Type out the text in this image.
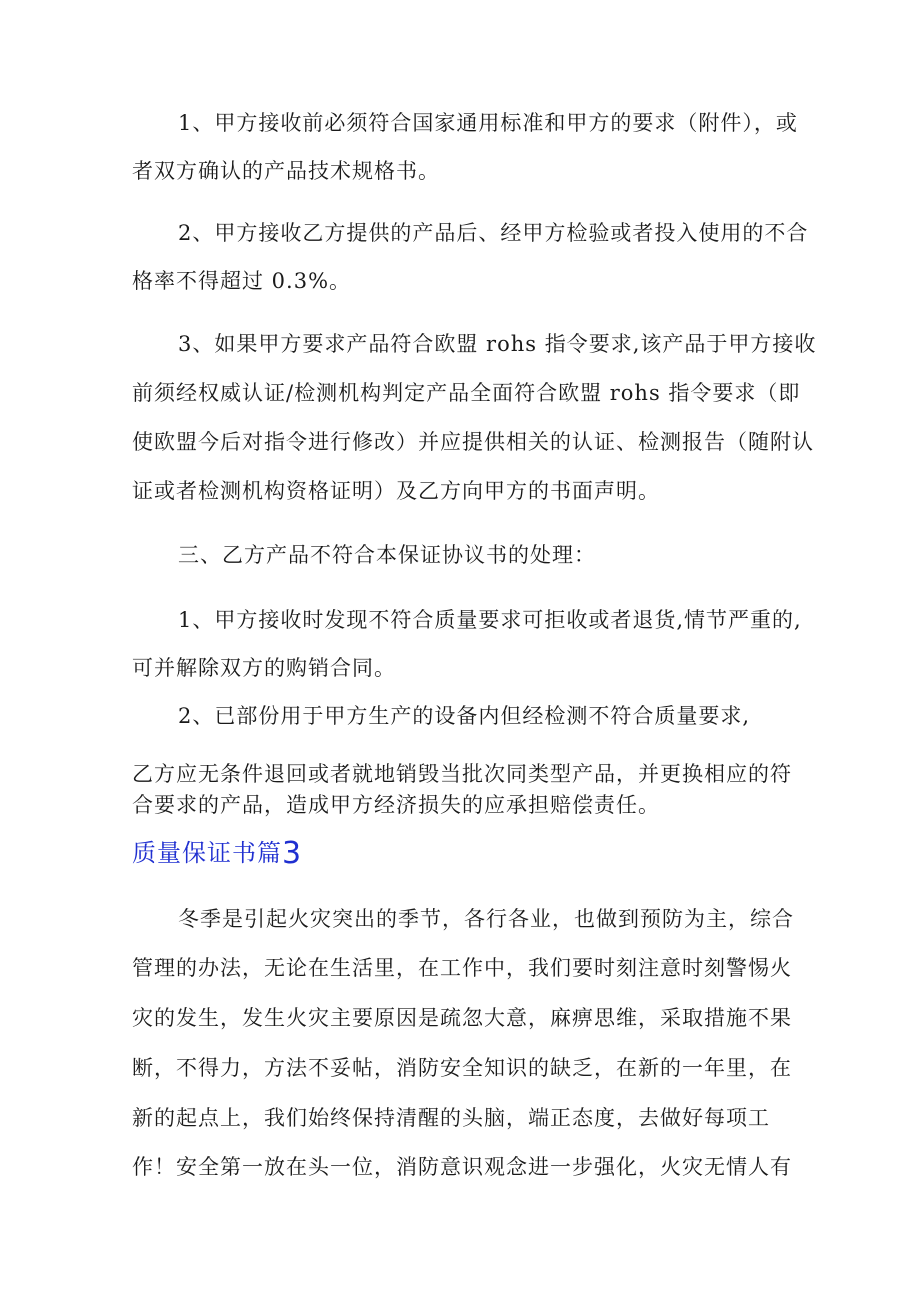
1、甲方接收前必须符合国家通用标准和甲方的要求（附件），或
者双方确认的产品技术规格书。
2、甲方接收乙方提供的产品后、经甲方检验或者投入使用的不合
格率不得超过 0.3%。
3、如果甲方要求产品符合欧盟 rohs 指令要求,该产品于甲方接收
前须经权威认证/检测机构判定产品全面符合欧盟 rohs 指令要求（即
使欧盟今后对指令进行修改）并应提供相关的认证、检测报告（随附认
证或者检测机构资格证明）及乙方向甲方的书面声明。
三、乙方产品不符合本保证协议书的处理：
1、甲方接收时发现不符合质量要求可拒收或者退货,情节严重的,
可并解除双方的购销合同。
2、已部份用于甲方生产的设备内但经检测不符合质量要求,
乙方应无条件退回或者就地销毁当批次同类型产品，并更换相应的符
合要求的产品，造成甲方经济损失的应承担赔偿责任。
质量保证书篇3
冬季是引起火灾突出的季节，各行各业，也做到预防为主，综合
管理的办法，无论在生活里，在工作中，我们要时刻注意时刻警惕火
灾的发生，发生火灾主要原因是疏忽大意，麻痹思维，采取措施不果
断，不得力，方法不妥帖，消防安全知识的缺乏，在新的一年里，在
新的起点上，我们始终保持清醒的头脑，端正态度，去做好每项工
作！安全第一放在头一位，消防意识观念进一步强化，火灾无情人有
